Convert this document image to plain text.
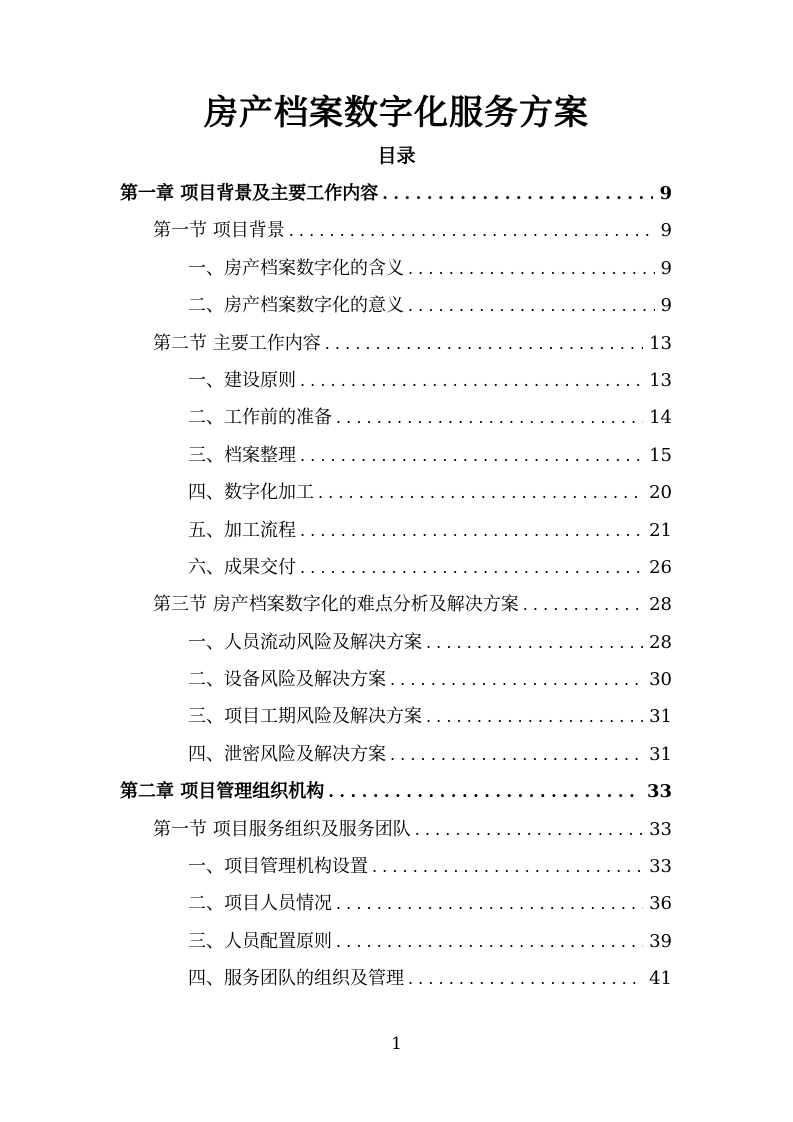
房产档案数字化服务方案
目录
第一章 项目背景及主要工作内容 . . .	9
第一节 项目背景 . . .	9
一、房产档案数字化的含义 . . .	9
二、房产档案数字化的意义 . . .	9
第二节 主要工作内容 . . .	13
一、建设原则 . . .	13
二、工作前的准备 . . .	14
三、档案整理 . . .	15
四、数字化加工 . . .	20
五、加工流程 . . .	21
六、成果交付 . . .	26
第三节 房产档案数字化的难点分析及解决方案 . . .	28
一、人员流动风险及解决方案 . . .	28
二、设备风险及解决方案 . . .	30
三、项目工期风险及解决方案 . . .	31
四、泄密风险及解决方案 . . .	31
第二章 项目管理组织机构 . . .	33
第一节 项目服务组织及服务团队 . . .	33
一、项目管理机构设置 . . .	33
二、项目人员情况 . . .	36
三、人员配置原则 . . .	39
四、服务团队的组织及管理 . . .	41
1
